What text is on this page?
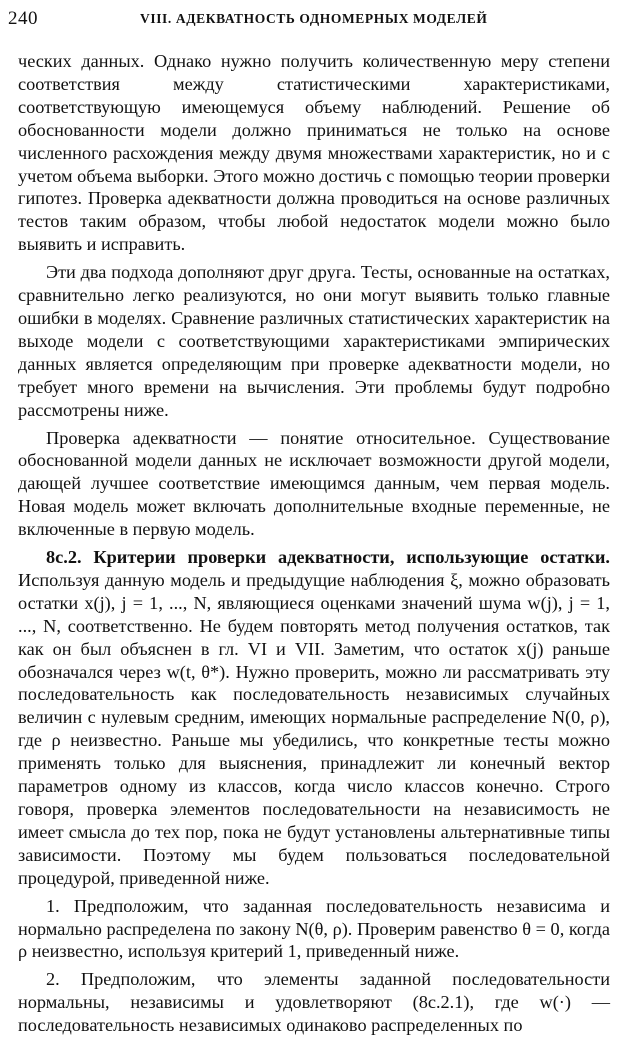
240	VIII. АДЕКВАТНОСТЬ ОДНОМЕРНЫХ МОДЕЛЕЙ

ческих данных. Однако нужно получить количественную меру степени соответствия между статистическими характеристиками, соответствующую имеющемуся объему наблюдений. Решение об обоснованности модели должно приниматься не только на основе численного расхождения между двумя множествами характеристик, но и с учетом объема выборки. Этого можно достичь с помощью теории проверки гипотез. Проверка адекватности должна проводиться на основе различных тестов таким образом, чтобы любой недостаток модели можно было выявить и исправить.

Эти два подхода дополняют друг друга. Тесты, основанные на остатках, сравнительно легко реализуются, но они могут выявить только главные ошибки в моделях. Сравнение различных статистических характеристик на выходе модели с соответствующими характеристиками эмпирических данных является определяющим при проверке адекватности модели, но требует много времени на вычисления. Эти проблемы будут подробно рассмотрены ниже.

Проверка адекватности — понятие относительное. Существование обоснованной модели данных не исключает возможности другой модели, дающей лучшее соответствие имеющимся данным, чем первая модель. Новая модель может включать дополнительные входные переменные, не включенные в первую модель.

8с.2. Критерии проверки адекватности, использующие остатки. Используя данную модель и предыдущие наблюдения ξ, можно образовать остатки x(j), j = 1, ..., N, являющиеся оценками значений шума w(j), j = 1, ..., N, соответственно. Не будем повторять метод получения остатков, так как он был объяснен в гл. VI и VII. Заметим, что остаток x(j) раньше обозначался через w(t, θ*). Нужно проверить, можно ли рассматривать эту последовательность как последовательность независимых случайных величин с нулевым средним, имеющих нормальные распределение N(0, ρ), где ρ неизвестно. Раньше мы убедились, что конкретные тесты можно применять только для выяснения, принадлежит ли конечный вектор параметров одному из классов, когда число классов конечно. Строго говоря, проверка элементов последовательности на независимость не имеет смысла до тех пор, пока не будут установлены альтернативные типы зависимости. Поэтому мы будем пользоваться последовательной процедурой, приведенной ниже.

1. Предположим, что заданная последовательность независима и нормально распределена по закону N(θ, ρ). Проверим равенство θ = 0, когда ρ неизвестно, используя критерий 1, приведенный ниже.

2. Предположим, что элементы заданной последовательности нормальны, независимы и удовлетворяют (8с.2.1), где w(·) — последовательность независимых одинаково распределенных по
